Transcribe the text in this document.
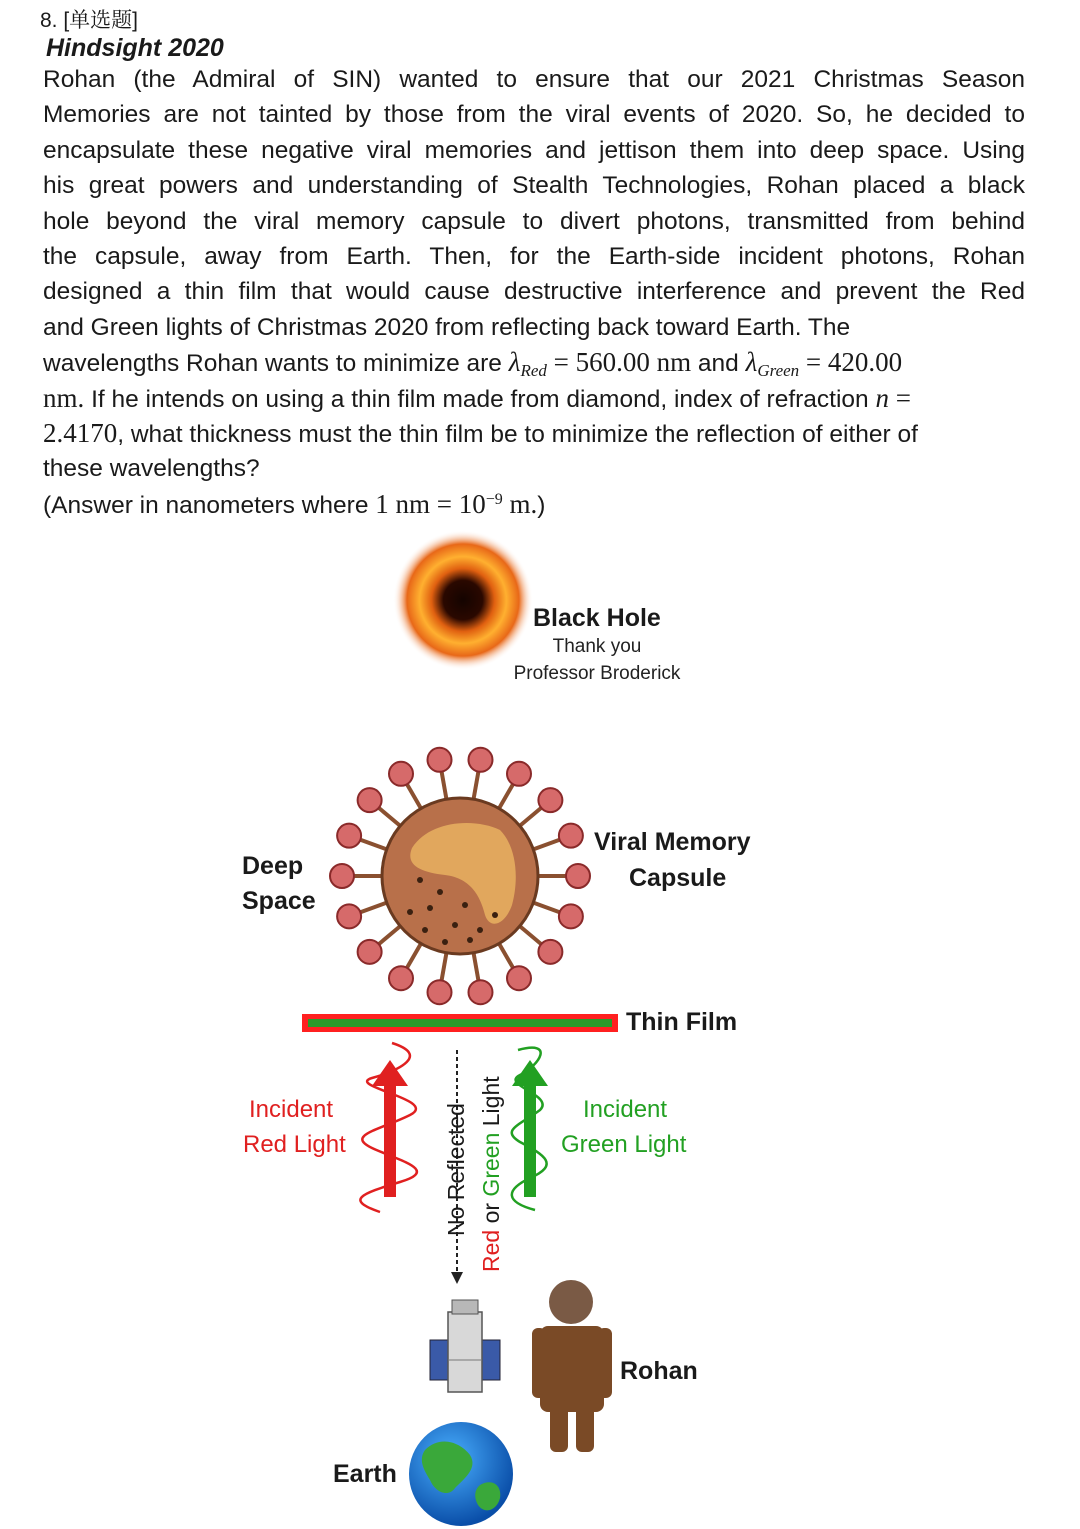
8. [单选题]
Hindsight 2020
Rohan (the Admiral of SIN) wanted to ensure that our 2021 Christmas Season
Memories are not tainted by those from the viral events of 2020. So, he decided to
encapsulate these negative viral memories and jettison them into deep space. Using
his great powers and understanding of Stealth Technologies, Rohan placed a black
hole beyond the viral memory capsule to divert photons, transmitted from behind
the capsule, away from Earth. Then, for the Earth-side incident photons, Rohan
designed a thin film that would cause destructive interference and prevent the Red
and Green lights of Christmas 2020 from reflecting back toward Earth. The
wavelengths Rohan wants to minimize are $\lambda_{Red} = 560.00$ nm and $\lambda_{Green} = 420.00$
nm. If he intends on using a thin film made from diamond, index of refraction n =
2.4170, what thickness must the thin film be to minimize the reflection of either of
these wavelengths?
(Answer in nanometers where 1 nm = $10^{-9}$ m.)
Black Hole
Thank you
Professor Broderick
Deep
Space
Viral Memory
Capsule
Thin Film
Incident
Red Light
Incident
Green Light
No Reflected
Red or Green Light
Rohan
Earth
